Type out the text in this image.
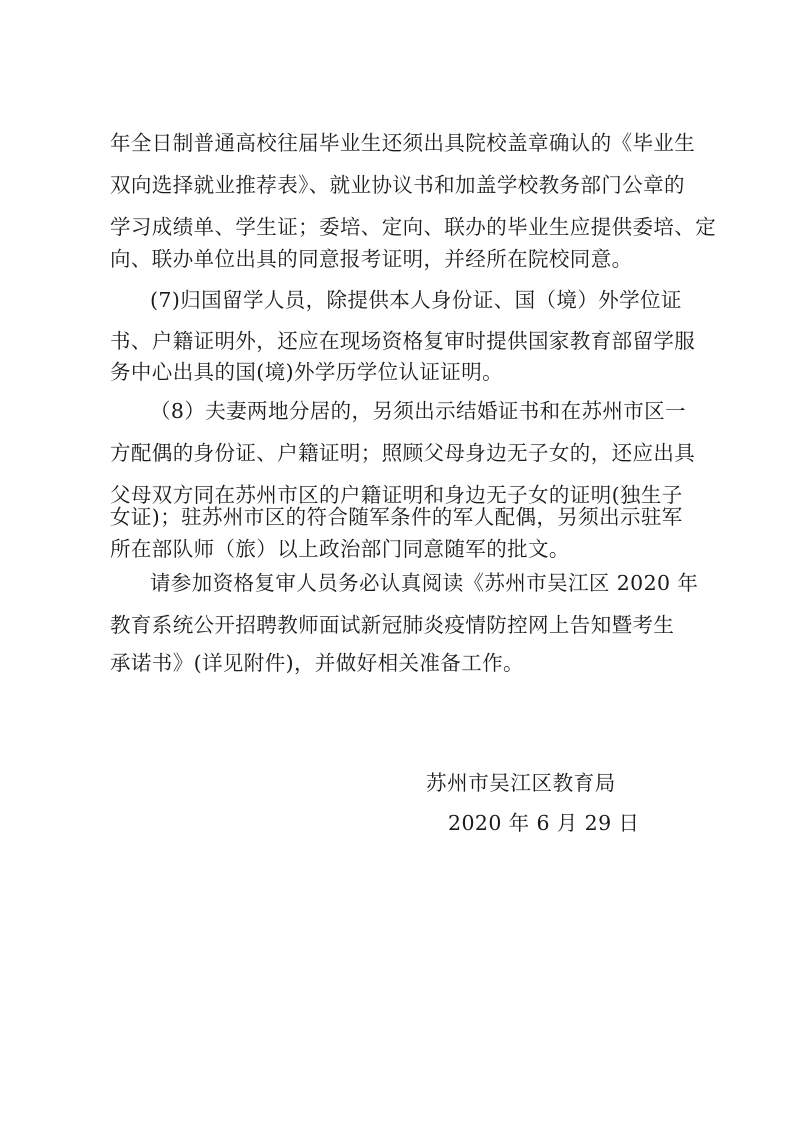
年全日制普通高校往届毕业生还须出具院校盖章确认的《毕业生
双向选择就业推荐表》、就业协议书和加盖学校教务部门公章的
学习成绩单、学生证；委培、定向、联办的毕业生应提供委培、定
向、联办单位出具的同意报考证明，并经所在院校同意。
(7)归国留学人员，除提供本人身份证、国（境）外学位证
书、户籍证明外，还应在现场资格复审时提供国家教育部留学服
务中心出具的国(境)外学历学位认证证明。
（8）夫妻两地分居的，另须出示结婚证书和在苏州市区一
方配偶的身份证、户籍证明；照顾父母身边无子女的，还应出具
父母双方同在苏州市区的户籍证明和身边无子女的证明(独生子
女证)；驻苏州市区的符合随军条件的军人配偶，另须出示驻军
所在部队师（旅）以上政治部门同意随军的批文。
请参加资格复审人员务必认真阅读《苏州市吴江区 2020 年
教育系统公开招聘教师面试新冠肺炎疫情防控网上告知暨考生
承诺书》(详见附件)，并做好相关准备工作。
苏州市吴江区教育局
2020 年 6 月 29 日
